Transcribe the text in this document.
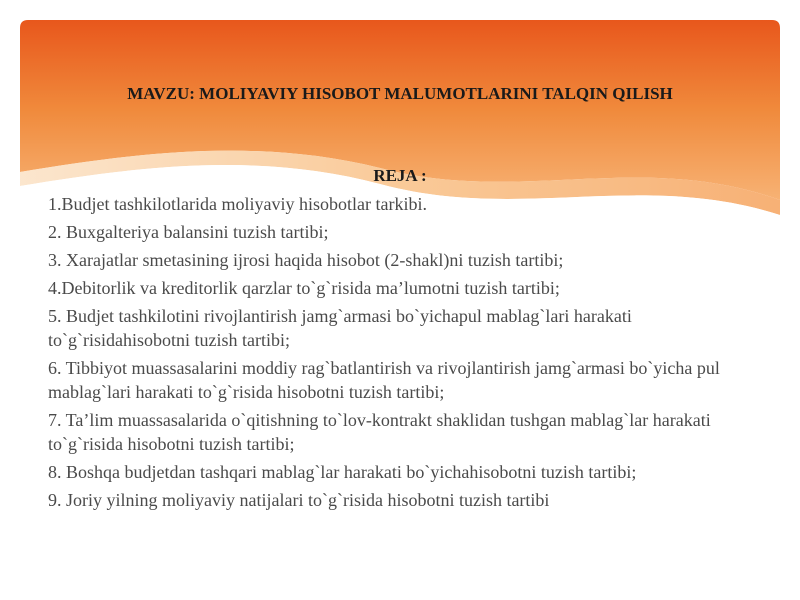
MAVZU: MOLIYAVIY HISOBOT MALUMOTLARINI TALQIN QILISH
REJA :
1.Budjet tashkilotlarida moliyaviy hisobotlar tarkibi.
2. Buxgalteriya balansini tuzish tartibi;
3. Xarajatlar smetasining ijrosi haqida hisobot (2-shakl)ni tuzish tartibi;
4.Debitorlik va kreditorlik qarzlar to`g`risida ma’lumotni tuzish tartibi;
5. Budjet tashkilotini rivojlantirish jamg`armasi bo`yichapul mablag`lari harakati to`g`risidahisobotni tuzish tartibi;
6. Tibbiyot muassasalarini moddiy rag`batlantirish va rivojlantirish jamg`armasi bo`yicha pul mablag`lari harakati to`g`risida hisobotni tuzish tartibi;
7. Ta’lim muassasalarida o`qitishning to`lov-kontrakt shaklidan tushgan mablag`lar harakati to`g`risida hisobotni tuzish tartibi;
8. Boshqa budjetdan tashqari mablag`lar harakati bo`yichahisobotni tuzish tartibi;
9. Joriy yilning moliyaviy natijalari to`g`risida hisobotni tuzish tartibi
